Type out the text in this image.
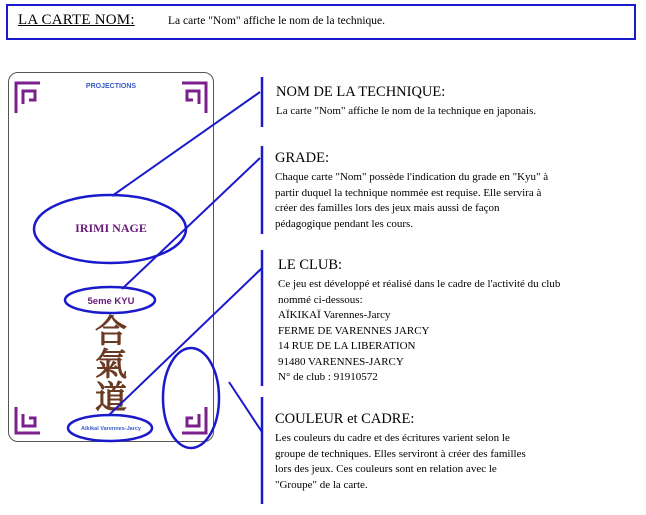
LA CARTE NOM:	La carte "Nom" affiche le nom de la technique.
PROJECTIONS
IRIMI NAGE
5eme KYU
合
氣
道
Aïkikaï Varennes-Jarcy
NOM DE LA TECHNIQUE:
La carte "Nom" affiche le nom de la technique en japonais.
GRADE:
Chaque carte "Nom" possède l'indication du grade en "Kyu" à
partir duquel la technique nommée est requise. Elle servira à
créer des familles lors des jeux mais aussi de façon
pédagogique pendant les cours.
LE CLUB:
Ce jeu est développé et réalisé dans le cadre de l'activité du club
nommé ci-dessous:
AÏKIKAÏ Varennes-Jarcy
FERME DE VARENNES JARCY
14 RUE DE LA LIBERATION
91480 VARENNES-JARCY
N° de club : 91910572
COULEUR et CADRE:
Les couleurs du cadre et des écritures varient selon le
groupe de techniques. Elles serviront à créer des familles
lors des jeux. Ces couleurs sont en relation avec le
"Groupe" de la carte.
